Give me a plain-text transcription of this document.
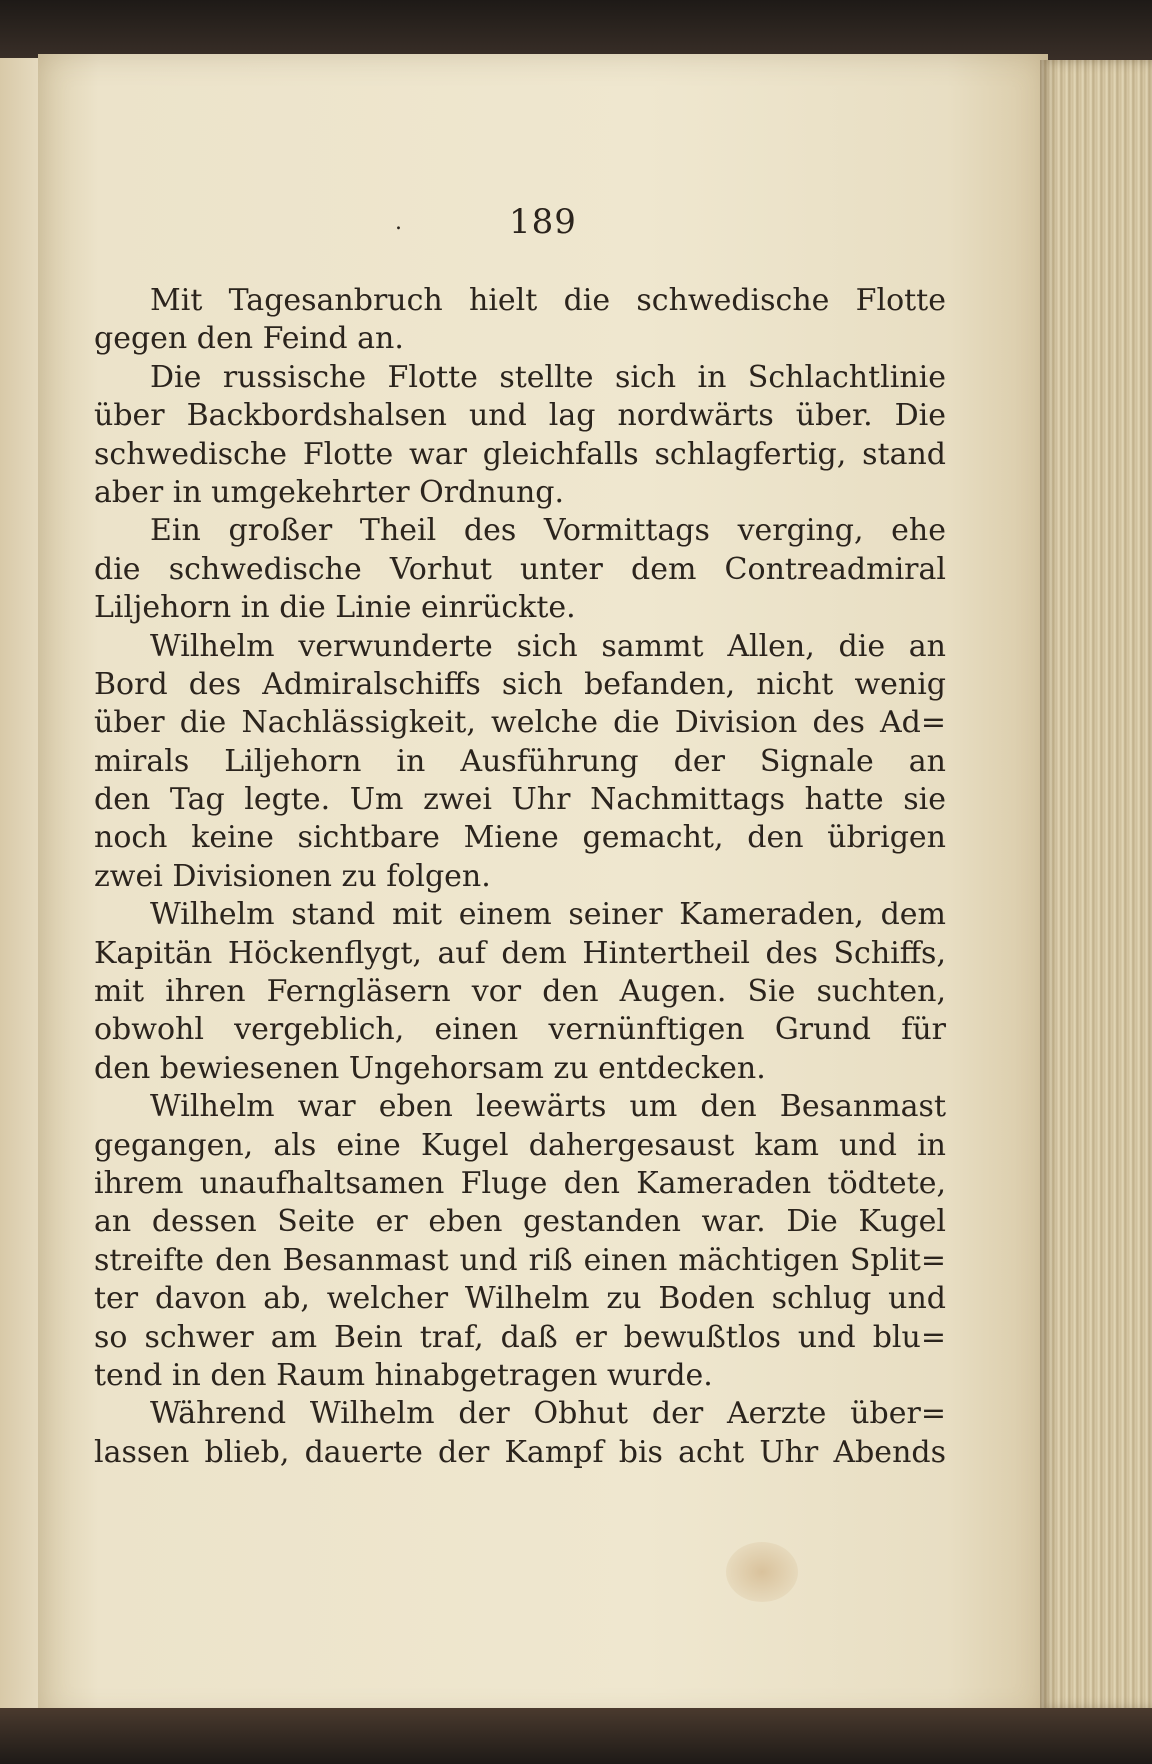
.	189
Mit Tagesanbruch hielt die schwedische Flotte
gegen den Feind an.
Die russische Flotte stellte sich in Schlachtlinie
über Backbordshalsen und lag nordwärts über. Die
schwedische Flotte war gleichfalls schlagfertig, stand
aber in umgekehrter Ordnung.
Ein großer Theil des Vormittags verging, ehe
die schwedische Vorhut unter dem Contreadmiral
Liljehorn in die Linie einrückte.
Wilhelm verwunderte sich sammt Allen, die an
Bord des Admiralschiffs sich befanden, nicht wenig
über die Nachlässigkeit, welche die Division des Ad=
mirals Liljehorn in Ausführung der Signale an
den Tag legte. Um zwei Uhr Nachmittags hatte sie
noch keine sichtbare Miene gemacht, den übrigen
zwei Divisionen zu folgen.
Wilhelm stand mit einem seiner Kameraden, dem
Kapitän Höckenflygt, auf dem Hintertheil des Schiffs,
mit ihren Ferngläsern vor den Augen. Sie suchten,
obwohl vergeblich, einen vernünftigen Grund für
den bewiesenen Ungehorsam zu entdecken.
Wilhelm war eben leewärts um den Besanmast
gegangen, als eine Kugel dahergesaust kam und in
ihrem unaufhaltsamen Fluge den Kameraden tödtete,
an dessen Seite er eben gestanden war. Die Kugel
streifte den Besanmast und riß einen mächtigen Split=
ter davon ab, welcher Wilhelm zu Boden schlug und
so schwer am Bein traf, daß er bewußtlos und blu=
tend in den Raum hinabgetragen wurde.
Während Wilhelm der Obhut der Aerzte über=
lassen blieb, dauerte der Kampf bis acht Uhr Abends
